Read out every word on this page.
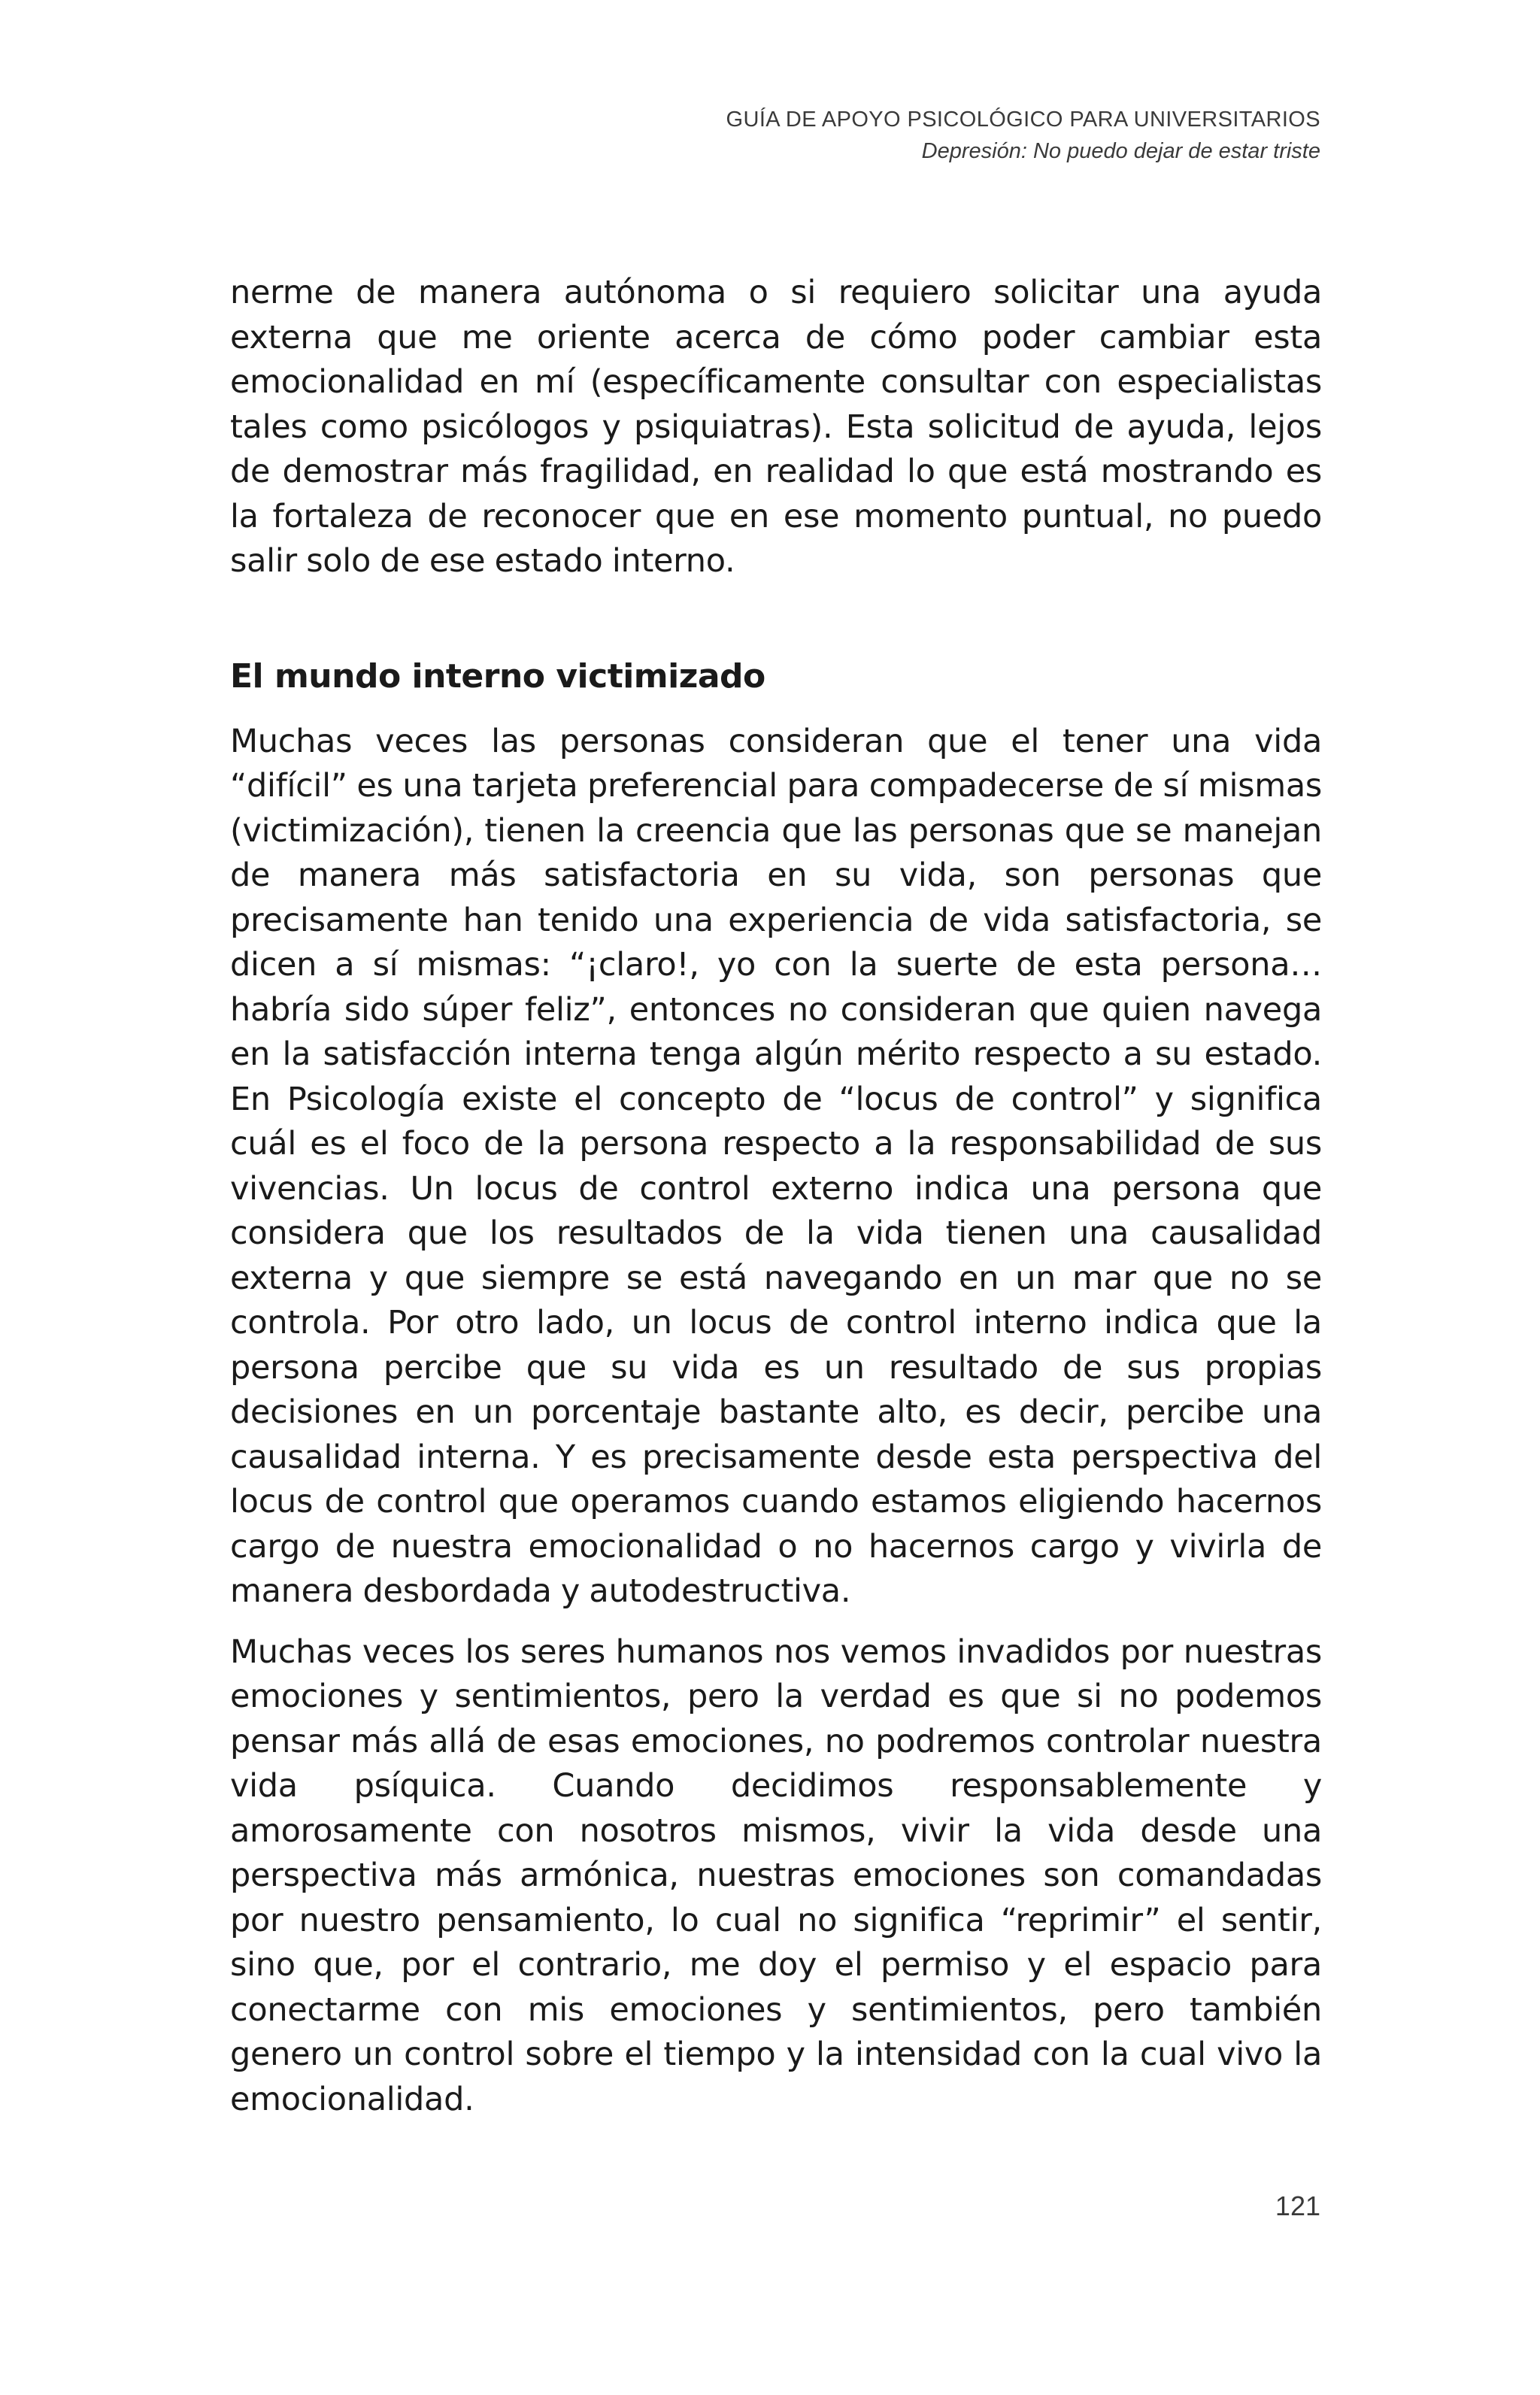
GUÍA DE APOYO PSICOLÓGICO PARA UNIVERSITARIOS
Depresión: No puedo dejar de estar triste

nerme de manera autónoma o si requiero solicitar una ayuda externa que me oriente acerca de cómo poder cambiar esta emocionalidad en mí (específicamente consultar con especialistas tales como psicólogos y psiquiatras). Esta solicitud de ayuda, lejos de demostrar más fragilidad, en realidad lo que está mostrando es la fortaleza de reconocer que en ese momento puntual, no puedo salir solo de ese estado interno.

El mundo interno victimizado

Muchas veces las personas consideran que el tener una vida “difícil” es una tarjeta preferencial para compadecerse de sí mismas (victimización), tienen la creencia que las personas que se manejan de manera más satisfactoria en su vida, son personas que precisamente han tenido una experiencia de vida satisfactoria, se dicen a sí mismas: “¡claro!, yo con la suerte de esta persona… habría sido súper feliz”, entonces no consideran que quien navega en la satisfacción interna tenga algún mérito respecto a su estado. En Psicología existe el concepto de “locus de control” y significa cuál es el foco de la persona respecto a la responsabilidad de sus vivencias. Un locus de control externo indica una persona que considera que los resultados de la vida tienen una causalidad externa y que siempre se está navegando en un mar que no se controla. Por otro lado, un locus de control interno indica que la persona percibe que su vida es un resultado de sus propias decisiones en un porcentaje bastante alto, es decir, percibe una causalidad interna. Y es precisamente desde esta perspectiva del locus de control que operamos cuando estamos eligiendo hacernos cargo de nuestra emocionalidad o no hacernos cargo y vivirla de manera desbordada y autodestructiva.

Muchas veces los seres humanos nos vemos invadidos por nuestras emociones y sentimientos, pero la verdad es que si no podemos pensar más allá de esas emociones, no podremos controlar nuestra vida psíquica. Cuando decidimos responsablemente y amorosamente con nosotros mismos, vivir la vida desde una perspectiva más armónica, nuestras emociones son comandadas por nuestro pensamiento, lo cual no significa “reprimir” el sentir, sino que, por el contrario, me doy el permiso y el espacio para conectarme con mis emociones y sentimientos, pero también genero un control sobre el tiempo y la intensidad con la cual vivo la emocionalidad.

121
